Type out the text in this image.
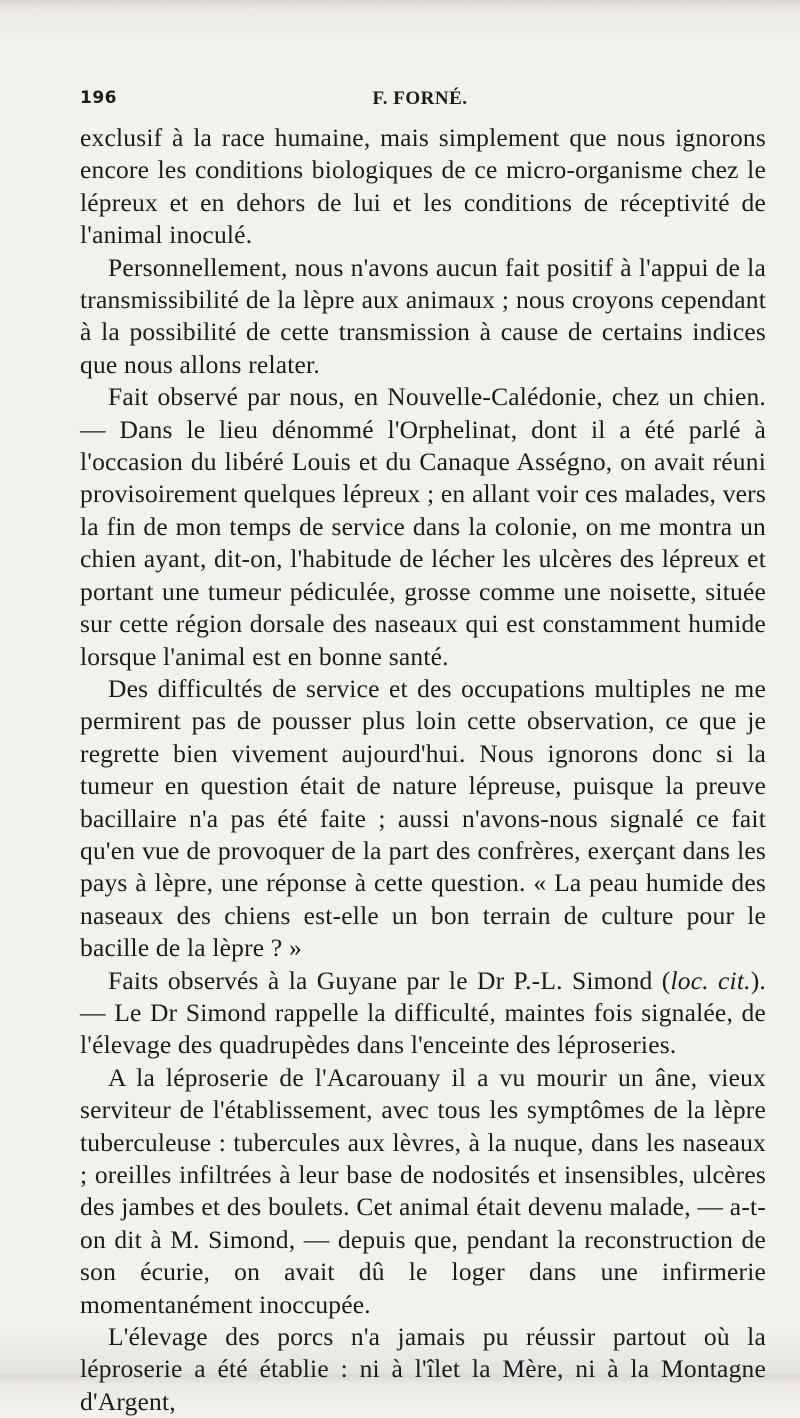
196	F. FORNÉ.

exclusif à la race humaine, mais simplement que nous ignorons encore les conditions biologiques de ce micro-organisme chez le lépreux et en dehors de lui et les conditions de réceptivité de l'animal inoculé.

Personnellement, nous n'avons aucun fait positif à l'appui de la transmissibilité de la lèpre aux animaux ; nous croyons cependant à la possibilité de cette transmission à cause de certains indices que nous allons relater.

Fait observé par nous, en Nouvelle-Calédonie, chez un chien. — Dans le lieu dénommé l'Orphelinat, dont il a été parlé à l'occasion du libéré Louis et du Canaque Asségno, on avait réuni provisoirement quelques lépreux ; en allant voir ces malades, vers la fin de mon temps de service dans la colonie, on me montra un chien ayant, dit-on, l'habitude de lécher les ulcères des lépreux et portant une tumeur pédiculée, grosse comme une noisette, située sur cette région dorsale des naseaux qui est constamment humide lorsque l'animal est en bonne santé.

Des difficultés de service et des occupations multiples ne me permirent pas de pousser plus loin cette observation, ce que je regrette bien vivement aujourd'hui. Nous ignorons donc si la tumeur en question était de nature lépreuse, puisque la preuve bacillaire n'a pas été faite ; aussi n'avons-nous signalé ce fait qu'en vue de provoquer de la part des confrères, exerçant dans les pays à lèpre, une réponse à cette question. « La peau humide des naseaux des chiens est-elle un bon terrain de culture pour le bacille de la lèpre ? »

Faits observés à la Guyane par le Dr P.-L. Simond (loc. cit.). — Le Dr Simond rappelle la difficulté, maintes fois signalée, de l'élevage des quadrupèdes dans l'enceinte des léproseries.

A la léproserie de l'Acarouany il a vu mourir un âne, vieux serviteur de l'établissement, avec tous les symptômes de la lèpre tuberculeuse : tubercules aux lèvres, à la nuque, dans les naseaux ; oreilles infiltrées à leur base de nodosités et insensibles, ulcères des jambes et des boulets. Cet animal était devenu malade, — a-t-on dit à M. Simond, — depuis que, pendant la reconstruction de son écurie, on avait dû le loger dans une infirmerie momentanément inoccupée.

L'élevage des porcs n'a jamais pu réussir partout où la léproserie a été établie : ni à l'îlet la Mère, ni à la Montagne d'Argent,
